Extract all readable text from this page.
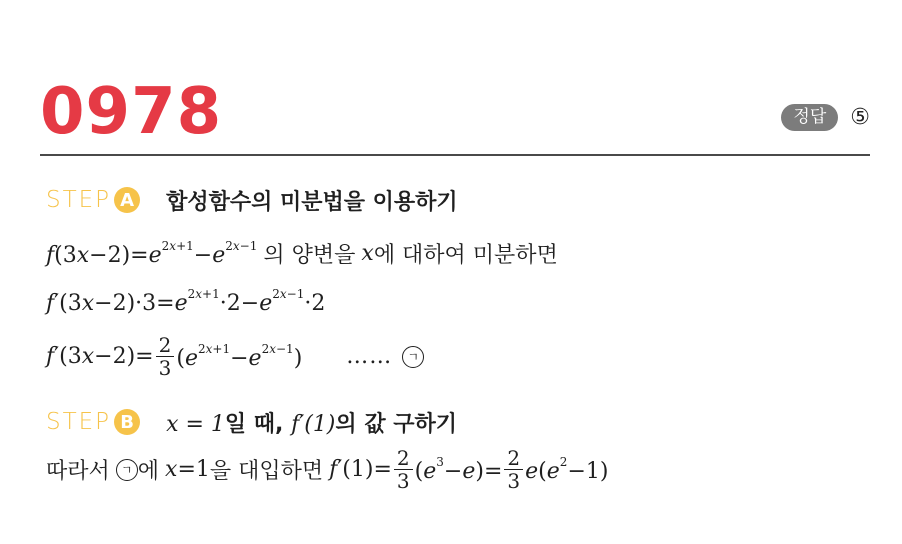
0978	정답	⑤
STEP A 합성함수의 미분법을 이용하기
$f(3x-2)=e^{2x+1}-e^{2x-1}$ 의 양변을 x 에 대하여 미분하면
$f'(3x-2)\cdot 3=e^{2x+1}\cdot 2-e^{2x-1}\cdot 2$
$f'(3x-2)= \frac{2}{3} (e^{2x+1}-e^{2x-1})$ ……	ㄱ
STEP B x = 1일 때, f′(1)의 값 구하기
따라서 ㄱ 에 x=1 을 대입하면 $f'(1)= \frac{2}{3} (e^3-e)= \frac{2}{3} e(e^2-1)$
